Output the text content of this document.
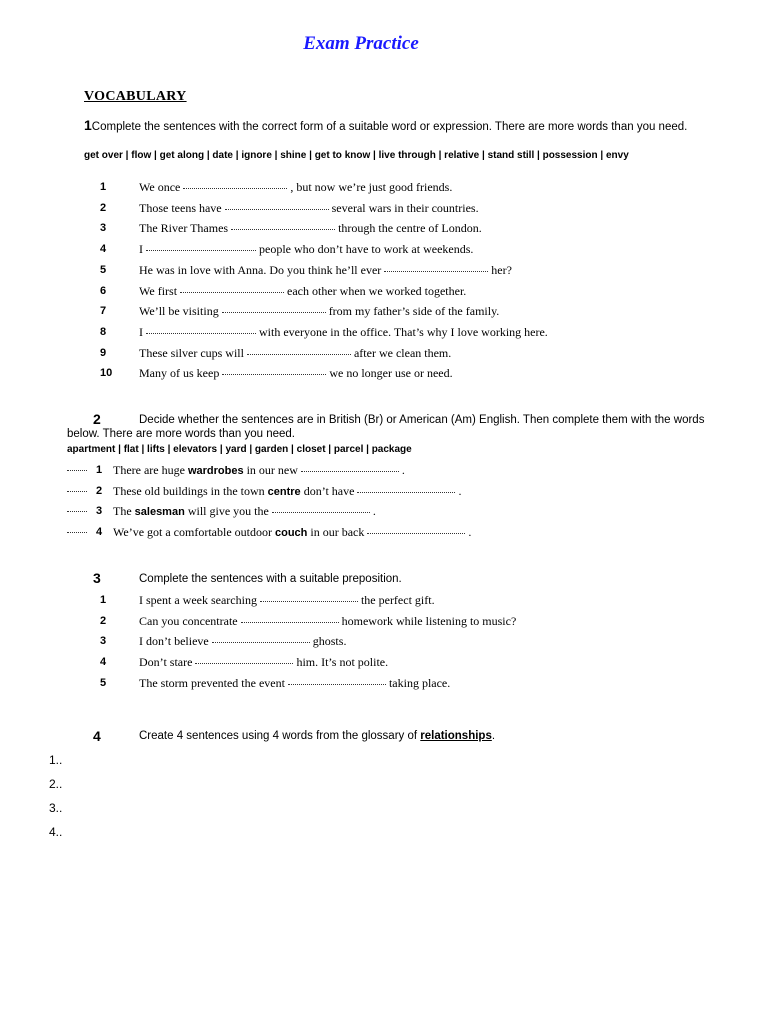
Exam Practice
VOCABULARY
1Complete the sentences with the correct form of a suitable word or expression. There are more words than you need.
get over | flow | get along | date | ignore | shine | get to know | live through | relative | stand still | possession | envy
1	We once	, but now we’re just good friends.
2	Those teens have	several wars in their countries.
3	The River Thames	through the centre of London.
4	I	people who don’t have to work at weekends.
5	He was in love with Anna. Do you think he’ll ever	her?
6	We first	each other when we worked together.
7	We’ll be visiting	from my father’s side of the family.
8	I	with everyone in the office. That’s why I love working here.
9	These silver cups will	after we clean them.
10	Many of us keep	we no longer use or need.
2	Decide whether the sentences are in British (Br) or American (Am) English. Then complete them with the words below. There are more words than you need.
apartment | flat | lifts | elevators | yard | garden | closet | parcel | package
1 There are huge wardrobes in our new	.
2 These old buildings in the town centre don’t have	.
3 The salesman will give you the	.
4 We’ve got a comfortable outdoor couch in our back	.
3	Complete the sentences with a suitable preposition.
1	I spent a week searching	the perfect gift.
2	Can you concentrate	homework while listening to music?
3	I don’t believe	ghosts.
4	Don’t stare	him. It’s not polite.
5	The storm prevented the event	taking place.
4	Create 4 sentences using 4 words from the glossary of relationships.
1..
2..
3..
4..
